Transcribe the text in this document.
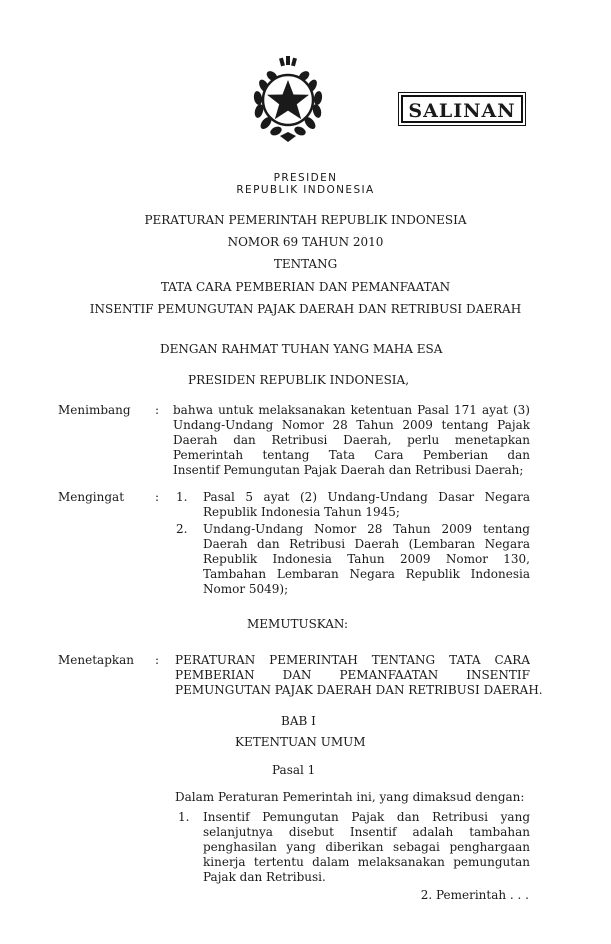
SALINAN
PRESIDEN
REPUBLIK INDONESIA
PERATURAN PEMERINTAH REPUBLIK INDONESIA
NOMOR 69 TAHUN 2010
TENTANG
TATA CARA PEMBERIAN DAN PEMANFAATAN
INSENTIF PEMUNGUTAN PAJAK DAERAH DAN RETRIBUSI DAERAH
DENGAN RAHMAT TUHAN YANG MAHA ESA
PRESIDEN REPUBLIK INDONESIA,
Menimbang : bahwa untuk melaksanakan ketentuan Pasal 171 ayat (3)
Undang-Undang Nomor 28 Tahun 2009 tentang Pajak
Daerah dan Retribusi Daerah, perlu menetapkan
Pemerintah tentang Tata Cara Pemberian dan
Insentif Pemungutan Pajak Daerah dan Retribusi Daerah;
Mengingat	: 1. Pasal 5 ayat (2) Undang-Undang Dasar Negara
Republik Indonesia Tahun 1945;
2. Undang-Undang Nomor 28 Tahun 2009 tentang
Daerah dan Retribusi Daerah (Lembaran Negara
Republik Indonesia Tahun 2009 Nomor 130,
Tambahan Lembaran Negara Republik Indonesia
Nomor 5049);
MEMUTUSKAN:
Menetapkan : PERATURAN PEMERINTAH TENTANG TATA CARA
PEMBERIAN DAN PEMANFAATAN INSENTIF
PEMUNGUTAN PAJAK DAERAH DAN RETRIBUSI DAERAH.
BAB I
KETENTUAN UMUM
Pasal 1
Dalam Peraturan Pemerintah ini, yang dimaksud dengan:
1. Insentif Pemungutan Pajak dan Retribusi yang
selanjutnya disebut Insentif adalah tambahan
penghasilan yang diberikan sebagai penghargaan
kinerja tertentu dalam melaksanakan pemungutan
Pajak dan Retribusi.
2. Pemerintah . . .
